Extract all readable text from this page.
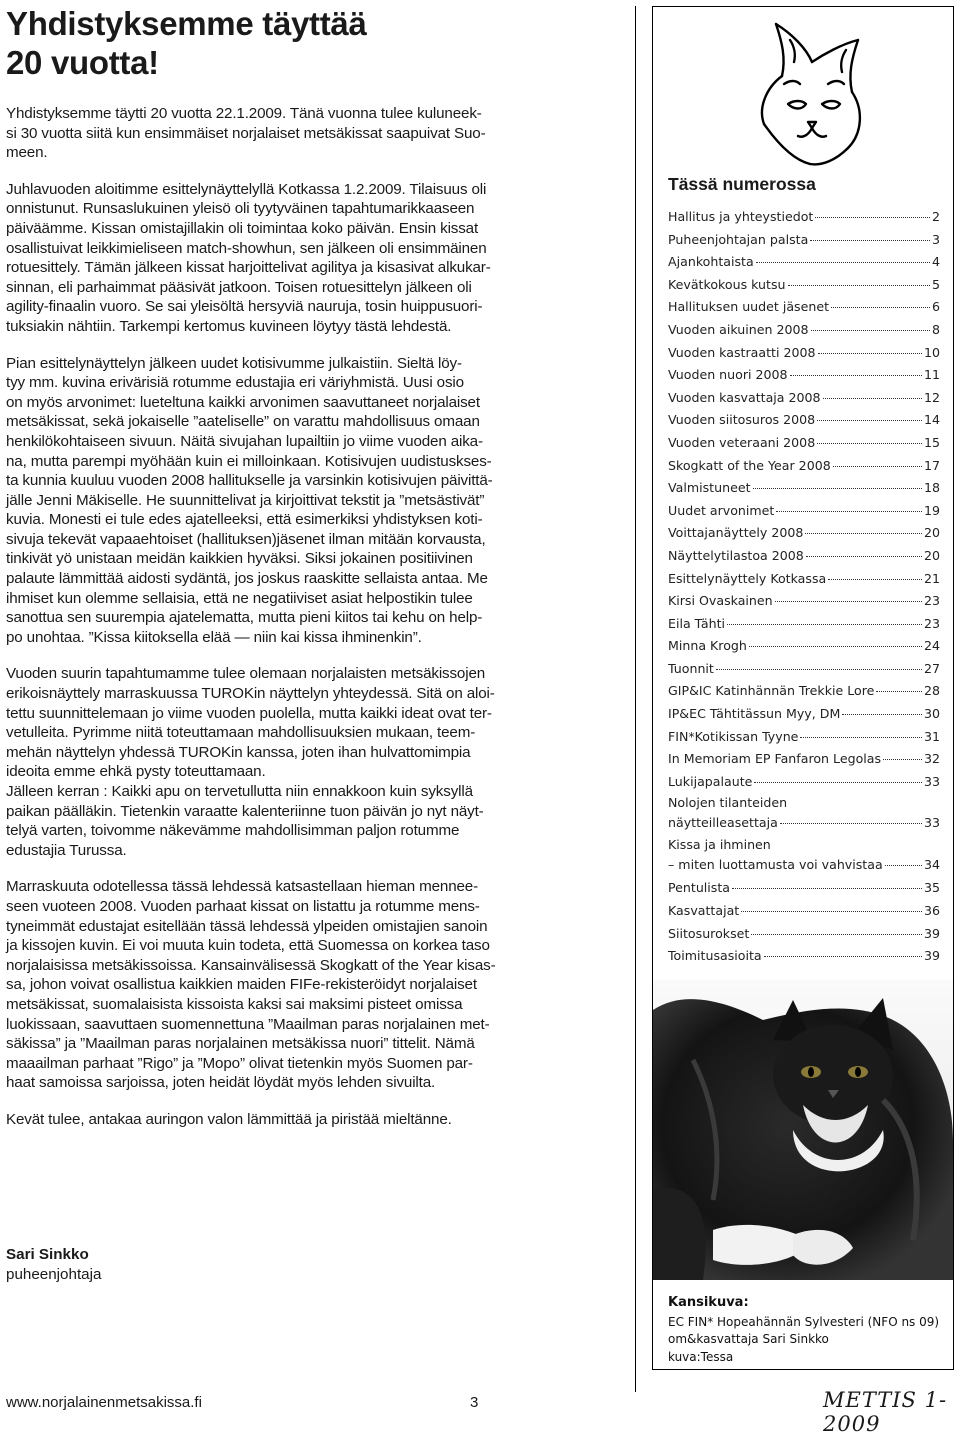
Yhdistyksemme täyttää
20 vuotta!
Yhdistyksemme täytti 20 vuotta 22.1.2009. Tänä vuonna tulee kuluneek-
si 30 vuotta siitä kun ensimmäiset norjalaiset metsäkissat saapuivat Suo-
meen.
Juhlavuoden aloitimme esittelynäyttelyllä Kotkassa 1.2.2009. Tilaisuus oli
onnistunut. Runsaslukuinen yleisö oli tyytyväinen tapahtumarikkaaseen
päiväämme. Kissan omistajillakin oli toimintaa koko päivän. Ensin kissat
osallistuivat leikkimieliseen match-showhun, sen jälkeen oli ensimmäinen
rotuesittely. Tämän jälkeen kissat harjoittelivat agilitya ja kisasivat alkukar-
sinnan, eli parhaimmat pääsivät jatkoon. Toisen rotuesittelyn jälkeen oli
agility-finaalin vuoro. Se sai yleisöltä hersyviä nauruja, tosin huippusuori-
tuksiakin nähtiin. Tarkempi kertomus kuvineen löytyy tästä lehdestä.
Pian esittelynäyttelyn jälkeen uudet kotisivumme julkaistiin. Sieltä löy-
tyy mm. kuvina erivärisiä rotumme edustajia eri väriyhmistä. Uusi osio
on myös arvonimet: lueteltuna kaikki arvonimen saavuttaneet norjalaiset
metsäkissat, sekä jokaiselle ”aateliselle” on varattu mahdollisuus omaan
henkilökohtaiseen sivuun. Näitä sivujahan lupailtiin jo viime vuoden aika-
na, mutta parempi myöhään kuin ei milloinkaan. Kotisivujen uudistuskses-
ta kunnia kuuluu vuoden 2008 hallitukselle ja varsinkin kotisivujen päivittä-
jälle Jenni Mäkiselle. He suunnittelivat ja kirjoittivat tekstit ja ”metsästivät”
kuvia. Monesti ei tule edes ajatelleeksi, että esimerkiksi yhdistyksen koti-
sivuja tekevät vapaaehtoiset (hallituksen)jäsenet ilman mitään korvausta,
tinkivät yö unistaan meidän kaikkien hyväksi. Siksi jokainen positiivinen
palaute lämmittää aidosti sydäntä, jos joskus raaskitte sellaista antaa. Me
ihmiset kun olemme sellaisia, että ne negatiiviset asiat helpostikin tulee
sanottua sen suurempia ajatelematta, mutta pieni kiitos tai kehu on help-
po unohtaa. ”Kissa kiitoksella elää — niin kai kissa ihminenkin”.
Vuoden suurin tapahtumamme tulee olemaan norjalaisten metsäkissojen
erikoisnäyttely marraskuussa TUROKin näyttelyn yhteydessä. Sitä on aloi-
tettu suunnittelemaan jo viime vuoden puolella, mutta kaikki ideat ovat ter-
vetulleita. Pyrimme niitä toteuttamaan mahdollisuuksien mukaan, teem-
mehän näyttelyn yhdessä TUROKin kanssa, joten ihan hulvattomimpia
ideoita emme ehkä pysty toteuttamaan.
Jälleen kerran : Kaikki apu on tervetullutta niin ennakkoon kuin syksyllä
paikan päälläkin. Tietenkin varaatte kalenteriinne tuon päivän jo nyt näyt-
telyä varten, toivomme näkevämme mahdollisimman paljon rotumme
edustajia Turussa.
Marraskuuta odotellessa tässä lehdessä katsastellaan hieman mennee-
seen vuoteen 2008. Vuoden parhaat kissat on listattu ja rotumme mens-
tyneimmät edustajat esitellään tässä lehdessä ylpeiden omistajien sanoin
ja kissojen kuvin. Ei voi muuta kuin todeta, että Suomessa on korkea taso
norjalaisissa metsäkissoissa. Kansainvälisessä Skogkatt of the Year kisas-
sa, johon voivat osallistua kaikkien maiden FIFe-rekisteröidyt norjalaiset
metsäkissat, suomalaisista kissoista kaksi sai maksimi pisteet omissa
luokissaan, saavuttaen suomennettuna ”Maailman paras norjalainen met-
säkissa” ja ”Maailman paras norjalainen metsäkissa nuori” tittelit. Nämä
maaailman parhaat ”Rigo” ja ”Mopo” olivat tietenkin myös Suomen par-
haat samoissa sarjoissa, joten heidät löydät myös lehden sivuilta.
Kevät tulee, antakaa auringon valon lämmittää ja piristää mieltänne.
Sari Sinkko
puheenjohtaja
Tässä numerossa
Hallitus ja yhteystiedot	2
Puheenjohtajan palsta	3
Ajankohtaista	4
Kevätkokous kutsu	5
Hallituksen uudet jäsenet	6
Vuoden aikuinen 2008	8
Vuoden kastraatti 2008	10
Vuoden nuori 2008	11
Vuoden kasvattaja 2008	12
Vuoden siitosuros 2008	14
Vuoden veteraani 2008	15
Skogkatt of the Year 2008	17
Valmistuneet	18
Uudet arvonimet	19
Voittajanäyttely 2008	20
Näyttelytilastoa 2008	20
Esittelynäyttely Kotkassa	21
Kirsi Ovaskainen	23
Eila Tähti	23
Minna Krogh	24
Tuonnit	27
GIP&IC Katinhännän Trekkie Lore	28
IP&EC Tähtitässun Myy, DM	30
FIN*Kotikissan Tyyne	31
In Memoriam EP Fanfaron Legolas	32
Lukijapalaute	33
Nolojen tilanteiden
näytteilleasettaja	33
Kissa ja ihminen
– miten luottamusta voi vahvistaa	34
Pentulista	35
Kasvattajat	36
Siitosurokset	39
Toimitusasioita	39
Kansikuva:
EC FIN* Hopeahännän Sylvesteri (NFO ns 09)
om&kasvattaja Sari Sinkko
kuva:Tessa
www.norjalainenmetsakissa.fi	3	METTIS 1-2009
